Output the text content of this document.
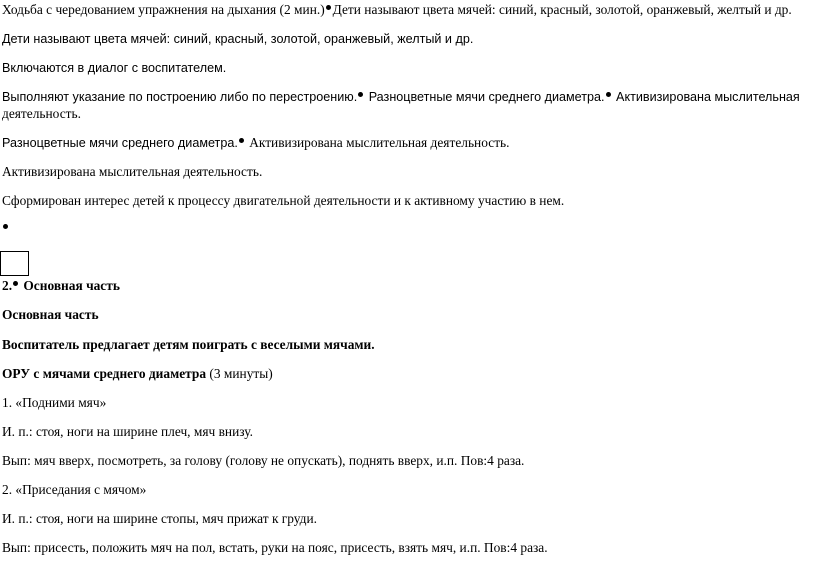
Ходьба с чередованием упражнения на дыхания (2 мин.) Дети называют цвета мячей: синий, красный, золотой, оранжевый, желтый и др.
Дети называют цвета мячей: синий, красный, золотой, оранжевый, желтый и др.
Включаются в диалог с воспитателем.
Выполняют указание по построению либо по перестроению. Разноцветные мячи среднего диаметра. Активизирована мыслительная
деятельность.
Разноцветные мячи среднего диаметра. Активизирована мыслительная деятельность.
Активизирована мыслительная деятельность.
Сформирован интерес детей к процессу двигательной деятельности и к активному участию в нем.
2. Основная часть
Основная часть
Воспитатель предлагает детям поиграть с веселыми мячами.
ОРУ с мячами среднего диаметра (3 минуты)
1. «Подними мяч»
И. п.: стоя, ноги на ширине плеч, мяч внизу.
Вып: мяч вверх, посмотреть, за голову (голову не опускать), поднять вверх, и.п. Пов:4 раза.
2. «Приседания с мячом»
И. п.: стоя, ноги на ширине стопы, мяч прижат к груди.
Вып: присесть, положить мяч на пол, встать, руки на пояс, присесть, взять мяч, и.п. Пов:4 раза.
